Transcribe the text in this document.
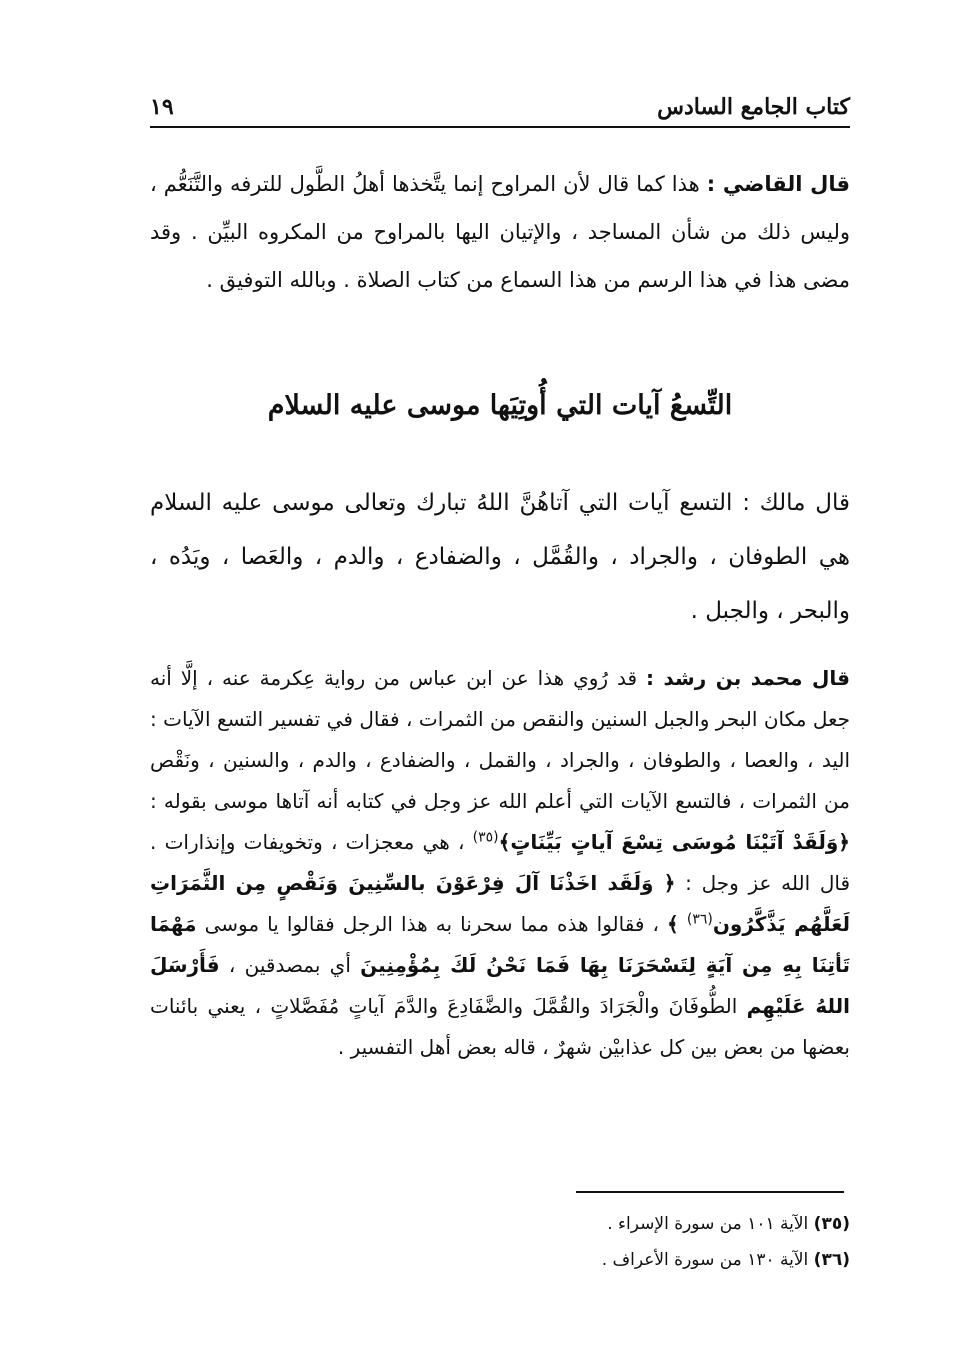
كتاب الجامع السادس
١٩

قال القاضي : هذا كما قال لأن المراوح إنما يتَّخذها أهلُ الطَّول للترفه والتَّنَعُّم ، وليس ذلك من شأن المساجد ، والإتيان اليها بالمراوح من المكروه البيِّن . وقد مضى هذا في هذا الرسم من هذا السماع من كتاب الصلاة . وبالله التوفيق .

التِّسعُ آيات التي أُوتِيَها موسى عليه السلام

قال مالك : التسع آيات التي آتاهُنَّ اللهُ تبارك وتعالى موسى عليه السلام هي الطوفان ، والجراد ، والقُمَّل ، والضفادع ، والدم ، والعَصا ، ويَدُه ، والبحر ، والجبل .

قال محمد بن رشد : قد رُوي هذا عن ابن عباس من رواية عِكرمة عنه ، إلَّا أنه جعل مكان البحر والجبل السنين والنقص من الثمرات ، فقال في تفسير التسع الآيات : اليد ، والعصا ، والطوفان ، والجراد ، والقمل ، والضفادع ، والدم ، والسنين ، ونَقْص من الثمرات ، فالتسع الآيات التي أعلم الله عز وجل في كتابه أنه آتاها موسى بقوله : ﴿وَلَقَدْ آتَيْنَا مُوسَى تِسْعَ آياتٍ بَيِّنَاتٍ﴾$^{(٣٥)}$ ، هي معجزات ، وتخويفات وإنذارات . قال الله عز وجل : ﴿ وَلَقَد اخَذْنَا آلَ فِرْعَوْنَ بالسِّنِينَ وَنَقْصٍ مِن الثَّمَرَاتِ لَعَلَّهُم يَذَّكَّرُون$^{(٣٦)}$ ﴾ ، فقالوا هذه مما سحرنا به هذا الرجل فقالوا يا موسى مَهْمَا تَأتِنَا بِهِ مِن آيَةٍ لِتَسْحَرَنَا بِهَا فَمَا نَحْنُ لَكَ بِمُؤْمِنِينَ أي بمصدقين ، فَأَرْسَلَ اللهُ عَلَيْهِم الطُّوفَانَ والْجَرَادَ والقُمَّلَ والضَّفَادِعَ والدَّمَ آياتٍ مُفَصَّلاتٍ ، يعني بائنات بعضها من بعض بين كل عذابيْن شهرٌ ، قاله بعض أهل التفسير .

(٣٥) الآية ١٠١ من سورة الإسراء .
(٣٦) الآية ١٣٠ من سورة الأعراف .
